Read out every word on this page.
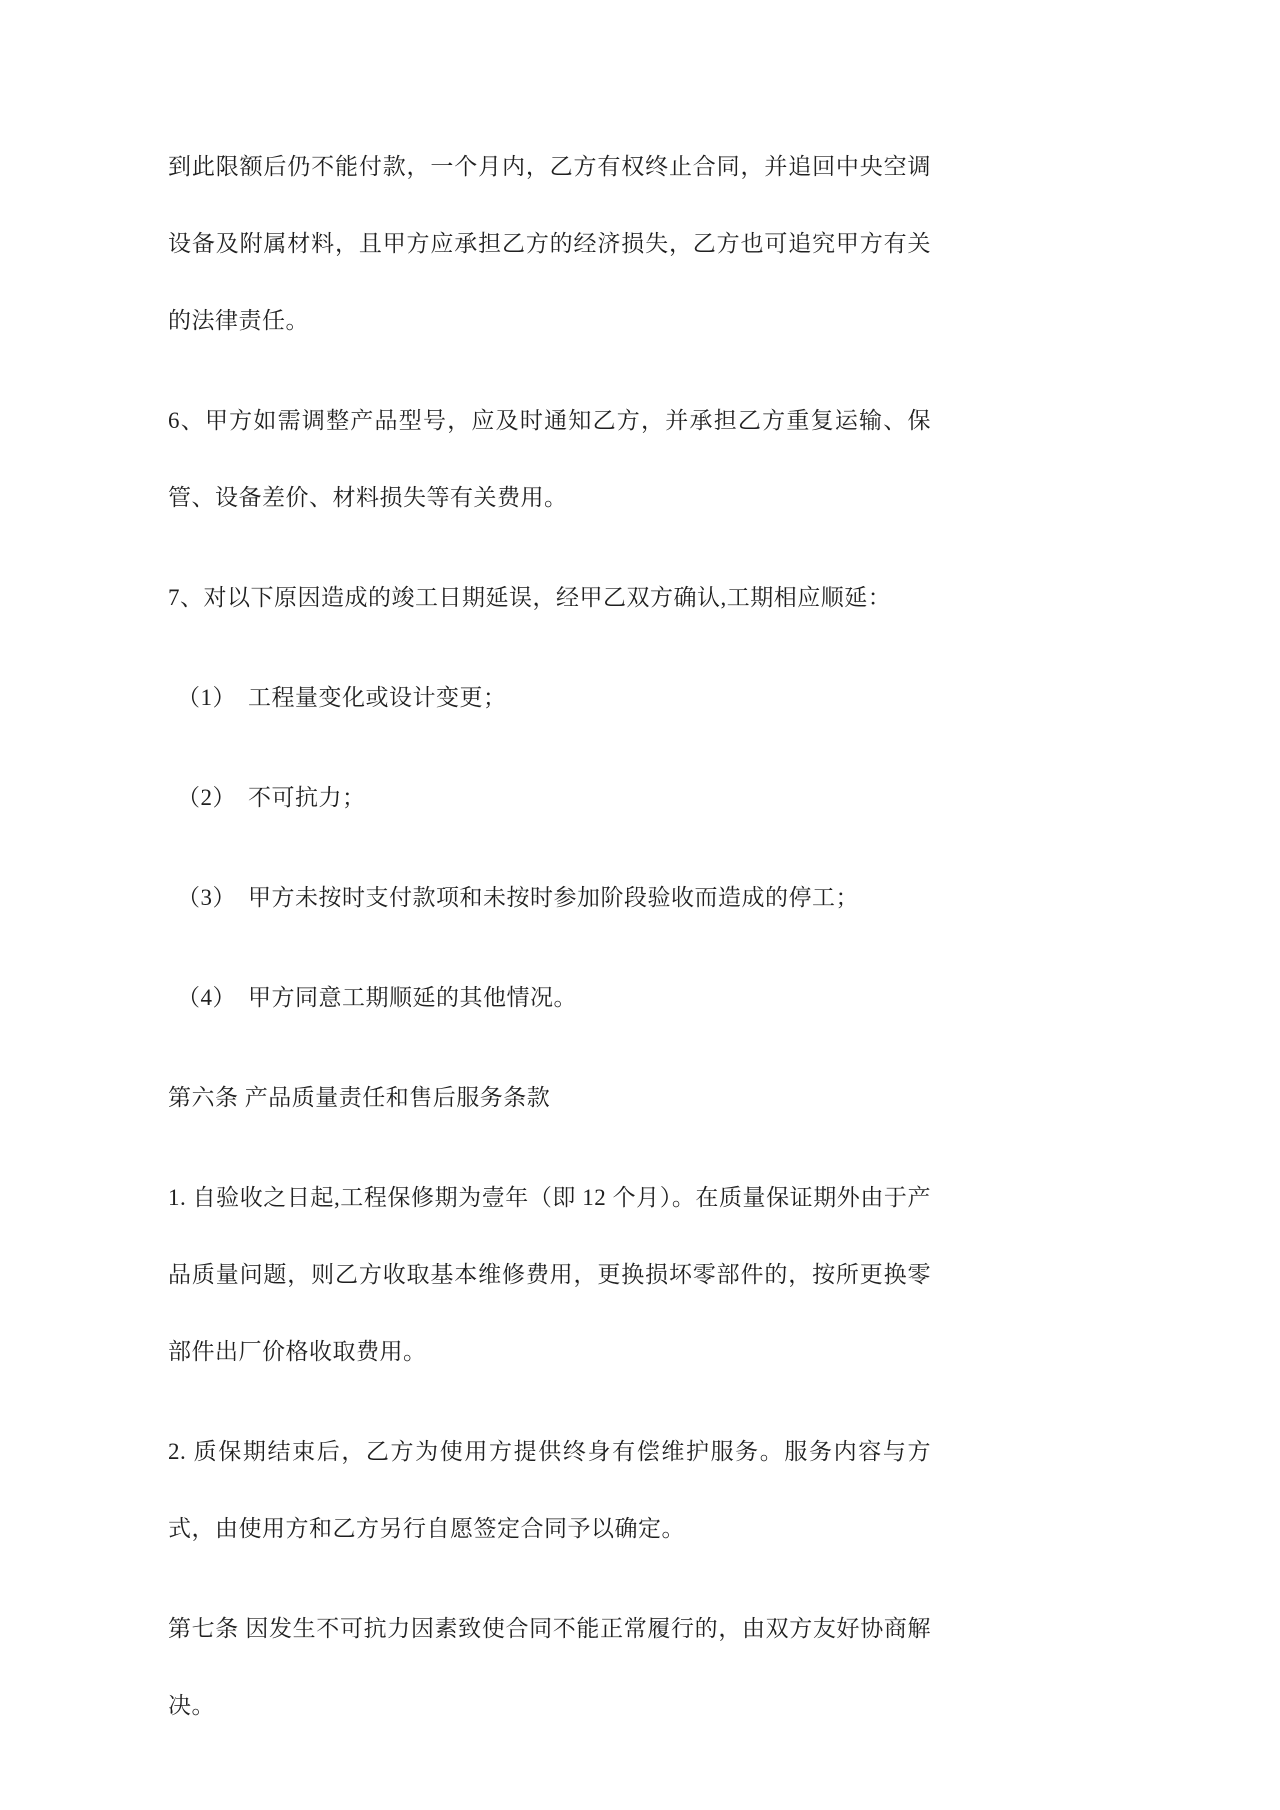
到此限额后仍不能付款，一个月内，乙方有权终止合同，并追回中央空调设备及附属材料，且甲方应承担乙方的经济损失，乙方也可追究甲方有关的法律责任。

6、甲方如需调整产品型号，应及时通知乙方，并承担乙方重复运输、保管、设备差价、材料损失等有关费用。

7、对以下原因造成的竣工日期延误，经甲乙双方确认,工期相应顺延：

（1）　工程量变化或设计变更；

（2）　不可抗力；

（3）　甲方未按时支付款项和未按时参加阶段验收而造成的停工；

（4）　甲方同意工期顺延的其他情况。

第六条 产品质量责任和售后服务条款

1. 自验收之日起,工程保修期为壹年（即 12 个月）。在质量保证期外由于产品质量问题，则乙方收取基本维修费用，更换损坏零部件的，按所更换零部件出厂价格收取费用。

2. 质保期结束后，乙方为使用方提供终身有偿维护服务。服务内容与方式，由使用方和乙方另行自愿签定合同予以确定。

第七条 因发生不可抗力因素致使合同不能正常履行的，由双方友好协商解决。
